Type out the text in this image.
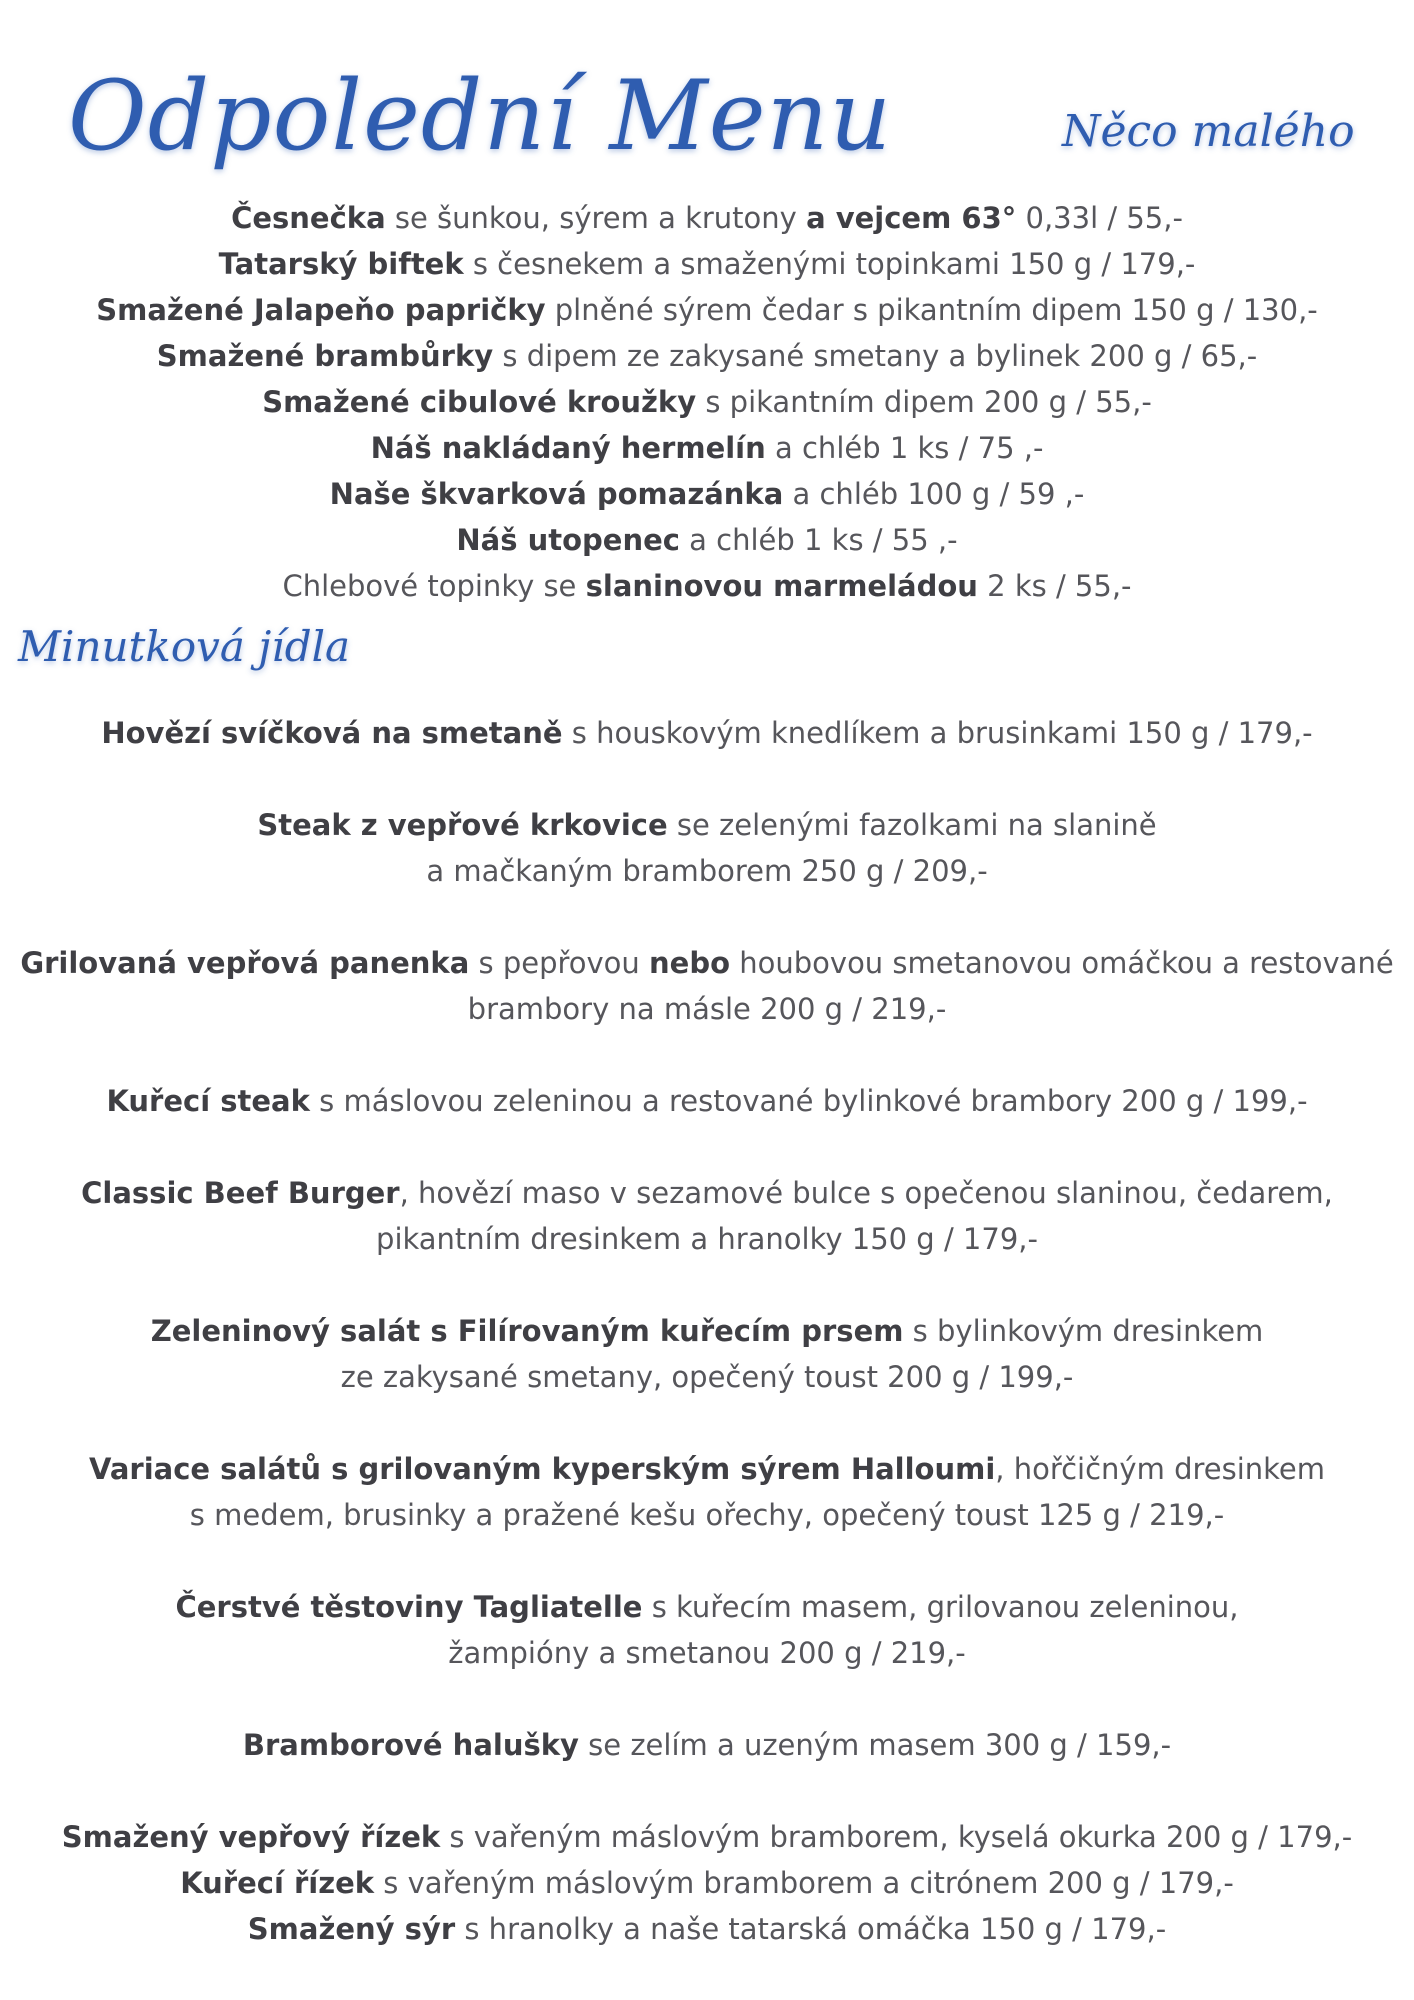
Odpolední Menu	Něco malého
Minutková jídla
Česnečka se šunkou, sýrem a krutony a vejcem 63° 0,33l / 55,-
Tatarský biftek s česnekem a smaženými topinkami 150 g / 179,-
Smažené Jalapeňo papričky plněné sýrem čedar s pikantním dipem 150 g / 130,-
Smažené brambůrky s dipem ze zakysané smetany a bylinek 200 g / 65,-
Smažené cibulové kroužky s pikantním dipem 200 g / 55,-
Náš nakládaný hermelín a chléb 1 ks / 75 ,-
Naše škvarková pomazánka a chléb 100 g / 59 ,-
Náš utopenec a chléb 1 ks / 55 ,-
Chlebové topinky se slaninovou marmeládou 2 ks / 55,-
Hovězí svíčková na smetaně s houskovým knedlíkem a brusinkami 150 g / 179,-
Steak z vepřové krkovice se zelenými fazolkami na slanině
a mačkaným bramborem 250 g / 209,-
Grilovaná vepřová panenka s pepřovou nebo houbovou smetanovou omáčkou a restované
brambory na másle 200 g / 219,-
Kuřecí steak s máslovou zeleninou a restované bylinkové brambory 200 g / 199,-
Classic Beef Burger, hovězí maso v sezamové bulce s opečenou slaninou, čedarem,
pikantním dresinkem a hranolky 150 g / 179,-
Zeleninový salát s Filírovaným kuřecím prsem s bylinkovým dresinkem
ze zakysané smetany, opečený toust 200 g / 199,-
Variace salátů s grilovaným kyperským sýrem Halloumi, hořčičným dresinkem
s medem, brusinky a pražené kešu ořechy, opečený toust 125 g / 219,-
Čerstvé těstoviny Tagliatelle s kuřecím masem, grilovanou zeleninou,
žampióny a smetanou 200 g / 219,-
Bramborové halušky se zelím a uzeným masem 300 g / 159,-
Smažený vepřový řízek s vařeným máslovým bramborem, kyselá okurka 200 g / 179,-
Kuřecí řízek s vařeným máslovým bramborem a citrónem 200 g / 179,-
Smažený sýr s hranolky a naše tatarská omáčka 150 g / 179,-
